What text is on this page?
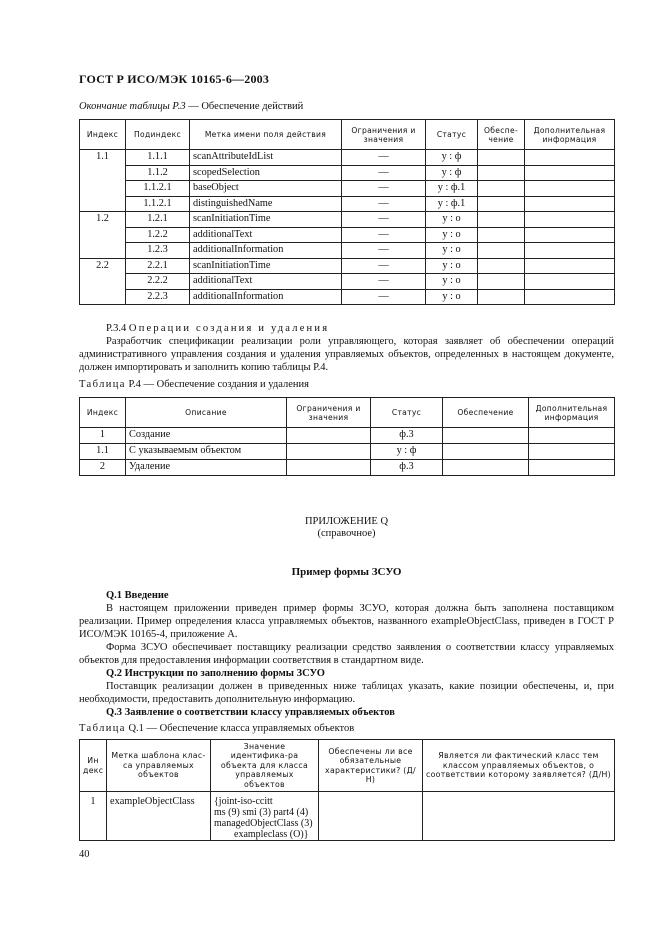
ГОСТ Р ИСО/МЭК 10165-6—2003
Окончание таблицы Р.3 — Обеспечение действий
Индекс	Подиндекс	Метка имени поля действия	Ограничения и значения	Статус	Обеспе-чение	Дополнительная информация
1.1	1.1.1	scanAttributeIdList	—	у : ф		
	1.1.2	scopedSelection	—	у : ф		
	1.1.2.1	baseObject	—	у : ф.1		
	1.1.2.1	distinguishedName	—	у : ф.1		
1.2	1.2.1	scanInitiationTime	—	у : о		
	1.2.2	additionalText	—	у : о		
	1.2.3	additionalInformation	—	у : о		
2.2	2.2.1	scanInitiationTime	—	у : о		
	2.2.2	additionalText	—	у : о		
	2.2.3	additionalInformation	—	у : о		
Р.3.4 Операции создания и удаления
Разработчик спецификации реализации роли управляющего, которая заявляет об обеспечении операций административного управления создания и удаления управляемых объектов, определенных в настоящем документе, должен импортировать и заполнить копию таблицы Р.4.
Таблица Р.4 — Обеспечение создания и удаления
Индекс	Описание	Ограничения и значения	Статус	Обеспечение	Дополнительная информация
1	Создание		ф.3		
1.1	С указываемым объектом		у : ф		
2	Удаление		ф.3		
ПРИЛОЖЕНИЕ Q
(справочное)
Пример формы ЗСУО
Q.1 Введение
В настоящем приложении приведен пример формы ЗСУО, которая должна быть заполнена поставщиком реализации. Пример определения класса управляемых объектов, названного exampleObjectClass, приведен в ГОСТ Р ИСО/МЭК 10165-4, приложение А.
Форма ЗСУО обеспечивает поставщику реализации средство заявления о соответствии классу управляемых объектов для предоставления информации соответствия в стандартном виде.
Q.2 Инструкции по заполнению формы ЗСУО
Поставщик реализации должен в приведенных ниже таблицах указать, какие позиции обеспечены, и, при необходимости, предоставить дополнительную информацию.
Q.3 Заявление о соответствии классу управляемых объектов
Таблица Q.1 — Обеспечение класса управляемых объектов
Ин декс	Метка шаблона клас-са управляемых объектов	Значение идентифика-ра объекта для класса управляемых объектов	Обеспечены ли все обязательные характеристики? (Д/Н)	Является ли фактический класс тем классом управляемых объектов, о соответствии которому заявляется? (Д/Н)
1	exampleObjectClass	{joint-iso-ccitt
ms (9) smi (3) part4 (4)
managedObjectClass (3)
exampleclass (O)}		

40
